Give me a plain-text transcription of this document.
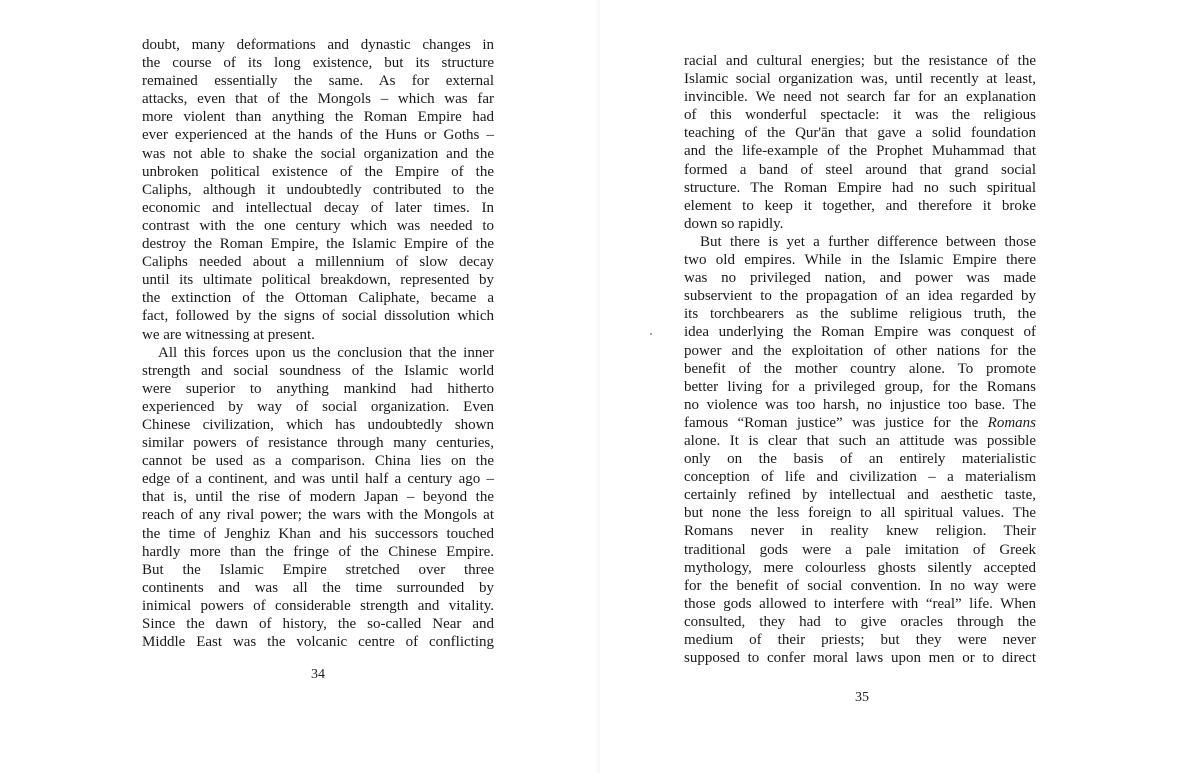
doubt, many deformations and dynastic changes in
the course of its long existence, but its structure
remained essentially the same. As for external
attacks, even that of the Mongols – which was far
more violent than anything the Roman Empire had
ever experienced at the hands of the Huns or Goths –
was not able to shake the social organization and the
unbroken political existence of the Empire of the
Caliphs, although it undoubtedly contributed to the
economic and intellectual decay of later times. In
contrast with the one century which was needed to
destroy the Roman Empire, the Islamic Empire of the
Caliphs needed about a millennium of slow decay
until its ultimate political breakdown, represented by
the extinction of the Ottoman Caliphate, became a
fact, followed by the signs of social dissolution which
we are witnessing at present.
All this forces upon us the conclusion that the inner
strength and social soundness of the Islamic world
were superior to anything mankind had hitherto
experienced by way of social organization. Even
Chinese civilization, which has undoubtedly shown
similar powers of resistance through many centuries,
cannot be used as a comparison. China lies on the
edge of a continent, and was until half a century ago –
that is, until the rise of modern Japan – beyond the
reach of any rival power; the wars with the Mongols at
the time of Jenghiz Khan and his successors touched
hardly more than the fringe of the Chinese Empire.
But the Islamic Empire stretched over three
continents and was all the time surrounded by
inimical powers of considerable strength and vitality.
Since the dawn of history, the so-called Near and
Middle East was the volcanic centre of conflicting
34
racial and cultural energies; but the resistance of the
Islamic social organization was, until recently at least,
invincible. We need not search far for an explanation
of this wonderful spectacle: it was the religious
teaching of the Qur'ān that gave a solid foundation
and the life-example of the Prophet Muhammad that
formed a band of steel around that grand social
structure. The Roman Empire had no such spiritual
element to keep it together, and therefore it broke
down so rapidly.
But there is yet a further difference between those
two old empires. While in the Islamic Empire there
was no privileged nation, and power was made
subservient to the propagation of an idea regarded by
its torchbearers as the sublime religious truth, the
idea underlying the Roman Empire was conquest of
power and the exploitation of other nations for the
benefit of the mother country alone. To promote
better living for a privileged group, for the Romans
no violence was too harsh, no injustice too base. The
famous “Roman justice” was justice for the Romans
alone. It is clear that such an attitude was possible
only on the basis of an entirely materialistic
conception of life and civilization – a materialism
certainly refined by intellectual and aesthetic taste,
but none the less foreign to all spiritual values. The
Romans never in reality knew religion. Their
traditional gods were a pale imitation of Greek
mythology, mere colourless ghosts silently accepted
for the benefit of social convention. In no way were
those gods allowed to interfere with “real” life. When
consulted, they had to give oracles through the
medium of their priests; but they were never
supposed to confer moral laws upon men or to direct
35
